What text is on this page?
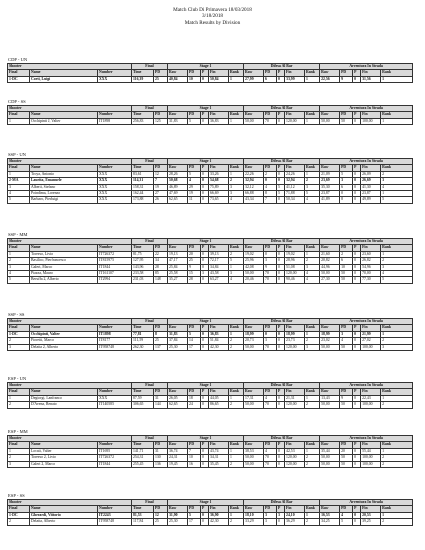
Match Club Di Primavera 18/03/2018
3/18/2018
Match Results by Division
CDP - UN
Shooter			Final		Stage 1					Difesa Al Bar					Avventura In Strada				
Final	Name	Number	Time	PD	Raw	PD	P	Fin	Rank	Raw	PD	P	Fin	Rank	Raw	PD	P	Fin	Rank
1-DC	Corti, Luigi	XXX	116,39	25	40,84	10	0	50,84	1	27,99	6	0	33,99	1	22,56	9	0	31,56	1
CDP - SS
Shooter			Final		Stage 1					Difesa Al Bar					Avventura In Strada				
Final	Name	Number	Time	PD	Raw	PD	P	Fin	Rank	Raw	PD	P	Fin	Rank	Raw	PD	P	Fin	Rank
1	Occhipinti J, Valter	IT1898	256,83	125	31,83	5	0	36,83	1	50,00	70	0	120,00	1	50,00	50	0	100,00	1
SSP - UN
Shooter			Final		Stage 1					Difesa Al Bar					Avventura In Strada				
Final	Name	Number	Time	PD	Raw	PD	P	Fin	Rank	Raw	PD	P	Fin	Rank	Raw	PD	P	Fin	Rank
1	Troya, Antonio	XXX	83,61	12	28,26	5	0	33,26	1	22,26	2	0	24,26	1	21,09	5	0	26,09	2
2-MA	Laurita, Emanuele	XXX	114,31	7	50,68	4	0	54,68	2	32,94	0	0	32,94	2	23,69	3	0	26,69	3
3	Alberti, Stefano	XXX	158,31	19	46,89	29	0	75,89	3	32,12	4	5	41,12	3	35,30	6	0	41,30	4
4	Poindima, Lorenzo	XXX	162,44	27	47,69	19	0	66,69	3	66,88	8	5	71,88	5	23,87	0	0	23,87	1
5	Barbaro, Pierluigi	XXX	173,88	26	62,65	11	0	73,65	4	43,34	7	0	50,34	4	41,89	8	0	49,89	5
SSP - MM
Shooter			Final		Stage 1					Difesa Al Bar					Avventura In Strada				
Final	Name	Number	Time	PD	Raw	PD	P	Fin	Rank	Raw	PD	P	Fin	Rank	Raw	PD	P	Fin	Rank
1	Toreeso, Livio	IT726372	81,75	22	19,13	20	0	39,13	2	19,02	0	0	19,02	1	21,60	2	0	23,60	1
2	Basilico, Pierfrancesco	IT815975	127,95	34	47,17	25	0	72,17	5	25,96	3	0	28,96	2	20,82	6	0	26,82	2
3	Galeri, Marco	IT1844	143,96	28	25,84	9	0	34,84	1	42,08	9	0	51,08	3	44,96	10	0	54,96	3
4	Piazza, Mauro	IT161107	233,58	85	25,58	15	3	43,58	3	50,00	70	0	120,00	4	50,00	50	0	70,00	4
5	Beruffa 2, Alberto	IT2994	231,03	148	35,27	28	0	63,27	4	20,46	70	0	90,46	4	27,30	50	0	77,30	5
SSP - SS
Shooter			Final		Stage 1					Difesa Al Bar					Avventura In Strada				
Final	Name	Number	Time	PD	Raw	PD	P	Fin	Rank	Raw	PD	P	Fin	Rank	Raw	PD	P	Fin	Rank
1-DC	Occhipinti, Valter	IT1898	77,81	8	31,83	5	0	36,83	1	18,99	0	0	18,99	1	18,99	3	0	21,99	1
2	Fioretti, Marco	IT8177	111,59	25	37,84	14	0	51,84	2	20,73	3	0	23,73	2	23,02	4	0	27,02	2
3	Delatta 2, Alberto	IT958748	262,30	137	25,30	17	0	42,30	2	50,00	70	0	120,00	3	50,00	50	0	100,00	3
ESP - UN
Shooter			Final		Stage 1					Difesa Al Bar					Avventura In Strada				
Final	Name	Number	Time	PD	Raw	PD	P	Fin	Rank	Raw	PD	P	Fin	Rank	Raw	PD	P	Fin	Rank
1	Degiorgi, Lanfranco	XXX	87,59	31	26,05	18	0	44,05	1	17,31	4	0	21,31	1	13,43	9	0	22,43	1
2	D'Avena, Renato	IT140585	306,65	144	62,65	24	0	86,65	2	50,00	70	0	120,00	2	50,00	50	0	100,00	2
ESP - MM
Shooter			Final		Stage 1					Difesa Al Bar					Avventura In Strada				
Final	Name	Number	Time	PD	Raw	PD	P	Fin	Rank	Raw	PD	P	Fin	Rank	Raw	PD	P	Fin	Rank
1	Locati, Valter	IT1695	141,71	31	36,74	7	0	43,74	1	38,53	4	0	42,53	1	35,44	20	0	55,44	1
2	Toreeso 2, Livio	IT726372	254,31	130	24,31	10	0	34,31	1	50,00	70	0	120,00	2	50,00	50	0	100,00	2
3	Galeri 2, Marco	IT1844	255,45	136	19,45	16	0	35,45	2	50,00	70	0	120,00	2	50,00	50	0	100,00	2
ESP - SS
Shooter			Final		Stage 1					Difesa Al Bar					Avventura In Strada				
Final	Name	Number	Time	PD	Raw	PD	P	Fin	Rank	Raw	PD	P	Fin	Rank	Raw	PD	P	Fin	Rank
1-DC	Gherardi, Vittorio	IT2243	81,53	12	31,90	5	0	36,90	1	18,10	3	3	24,10	1	16,53	4	0	20,53	1
2	Delatta, Alberto	IT958748	117,84	25	25,30	17	0	42,30	2	33,29	3	0	36,29	2	34,25	5	0	39,25	2
